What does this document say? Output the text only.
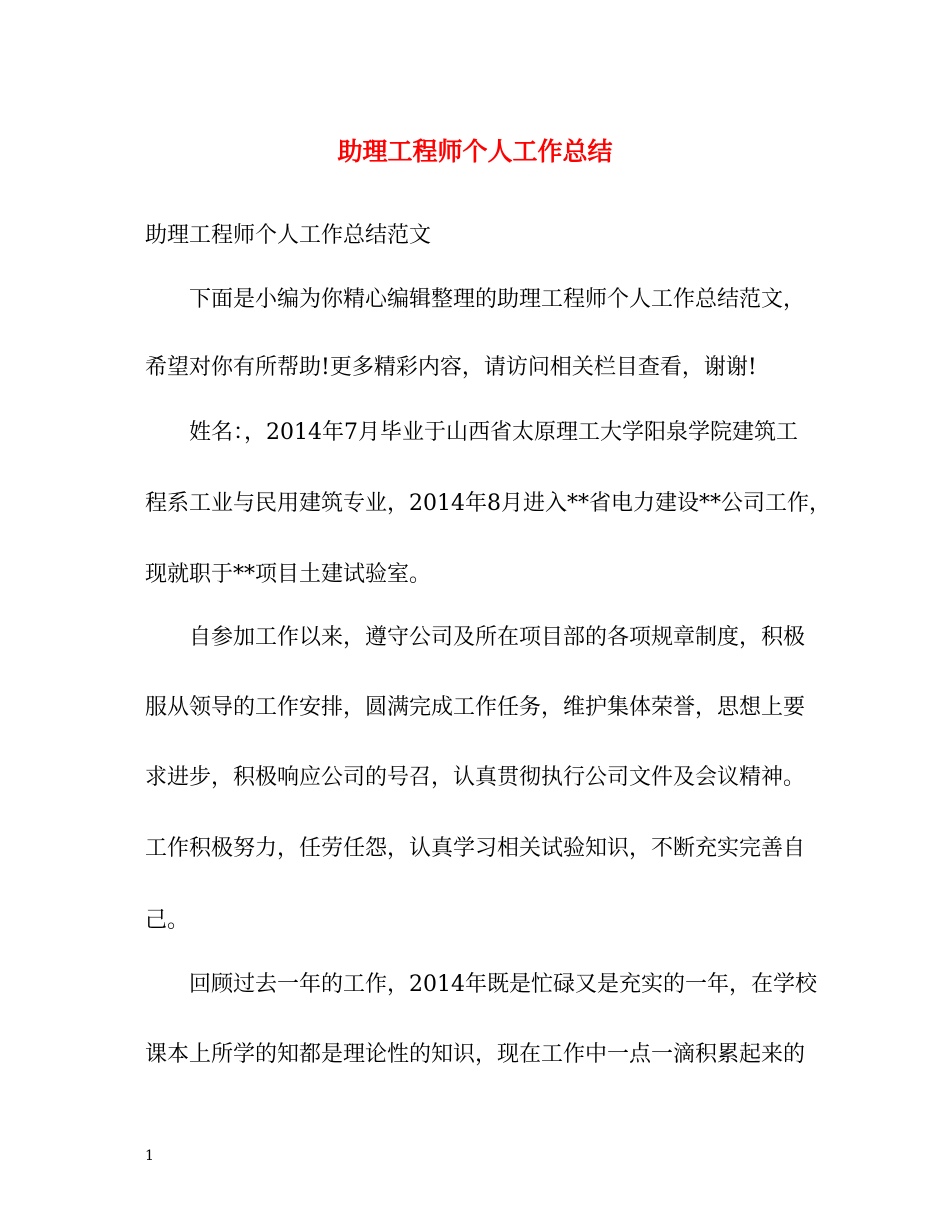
助理工程师个人工作总结
助理工程师个人工作总结范文
下面是小编为你精心编辑整理的助理工程师个人工作总结范文，
希望对你有所帮助!更多精彩内容，请访问相关栏目查看，谢谢!
姓名：，2014年7月毕业于山西省太原理工大学阳泉学院建筑工
程系工业与民用建筑专业，2014年8月进入**省电力建设**公司工作，
现就职于**项目土建试验室。
自参加工作以来，遵守公司及所在项目部的各项规章制度，积极
服从领导的工作安排，圆满完成工作任务，维护集体荣誉，思想上要
求进步，积极响应公司的号召，认真贯彻执行公司文件及会议精神。
工作积极努力，任劳任怨，认真学习相关试验知识，不断充实完善自
己。
回顾过去一年的工作，2014年既是忙碌又是充实的一年，在学校
课本上所学的知都是理论性的知识，现在工作中一点一滴积累起来的
1
